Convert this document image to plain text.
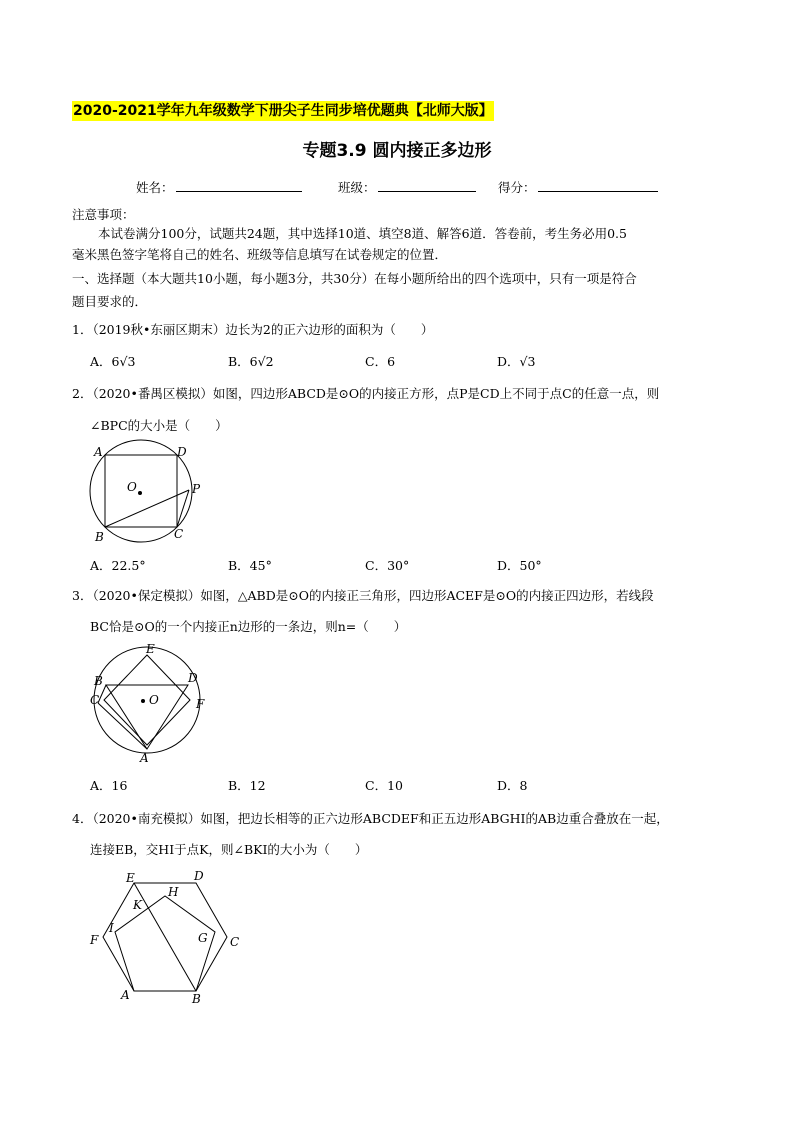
2020-2021学年九年级数学下册尖子生同步培优题典【北师大版】
专题3.9 圆内接正多边形
姓名：	班级：	得分：
注意事项：
本试卷满分100分，试题共24题，其中选择10道、填空8道、解答6道．答卷前，考生务必用0.5
毫米黑色签字笔将自己的姓名、班级等信息填写在试卷规定的位置．
一、选择题（本大题共10小题，每小题3分，共30分）在每小题所给出的四个选项中，只有一项是符合
题目要求的．
1．（2019秋•东丽区期末）边长为2的正六边形的面积为（　　）
A．6√3	B．6√2	C．6	D．√3
2．（2020•番禺区模拟）如图，四边形ABCD是⊙O的内接正方形，点P是CD上不同于点C的任意一点，则
∠BPC的大小是（　　）
A	D
O	P
B	C
A．22.5°	B．45°	C．30°	D．50°
3．（2020•保定模拟）如图，△ABD是⊙O的内接正三角形，四边形ACEF是⊙O的内接正四边形，若线段
BC恰是⊙O的一个内接正n边形的一条边，则n=（　　）
E
B	D
C	O	F
A
A．16	B．12	C．10	D．8
4．（2020•南充模拟）如图，把边长相等的正六边形ABCDEF和正五边形ABGHI的AB边重合叠放在一起，
连接EB，交HI于点K，则∠BKI的大小为（　　）
E	D
H
K
I
G
F	C
A	B
